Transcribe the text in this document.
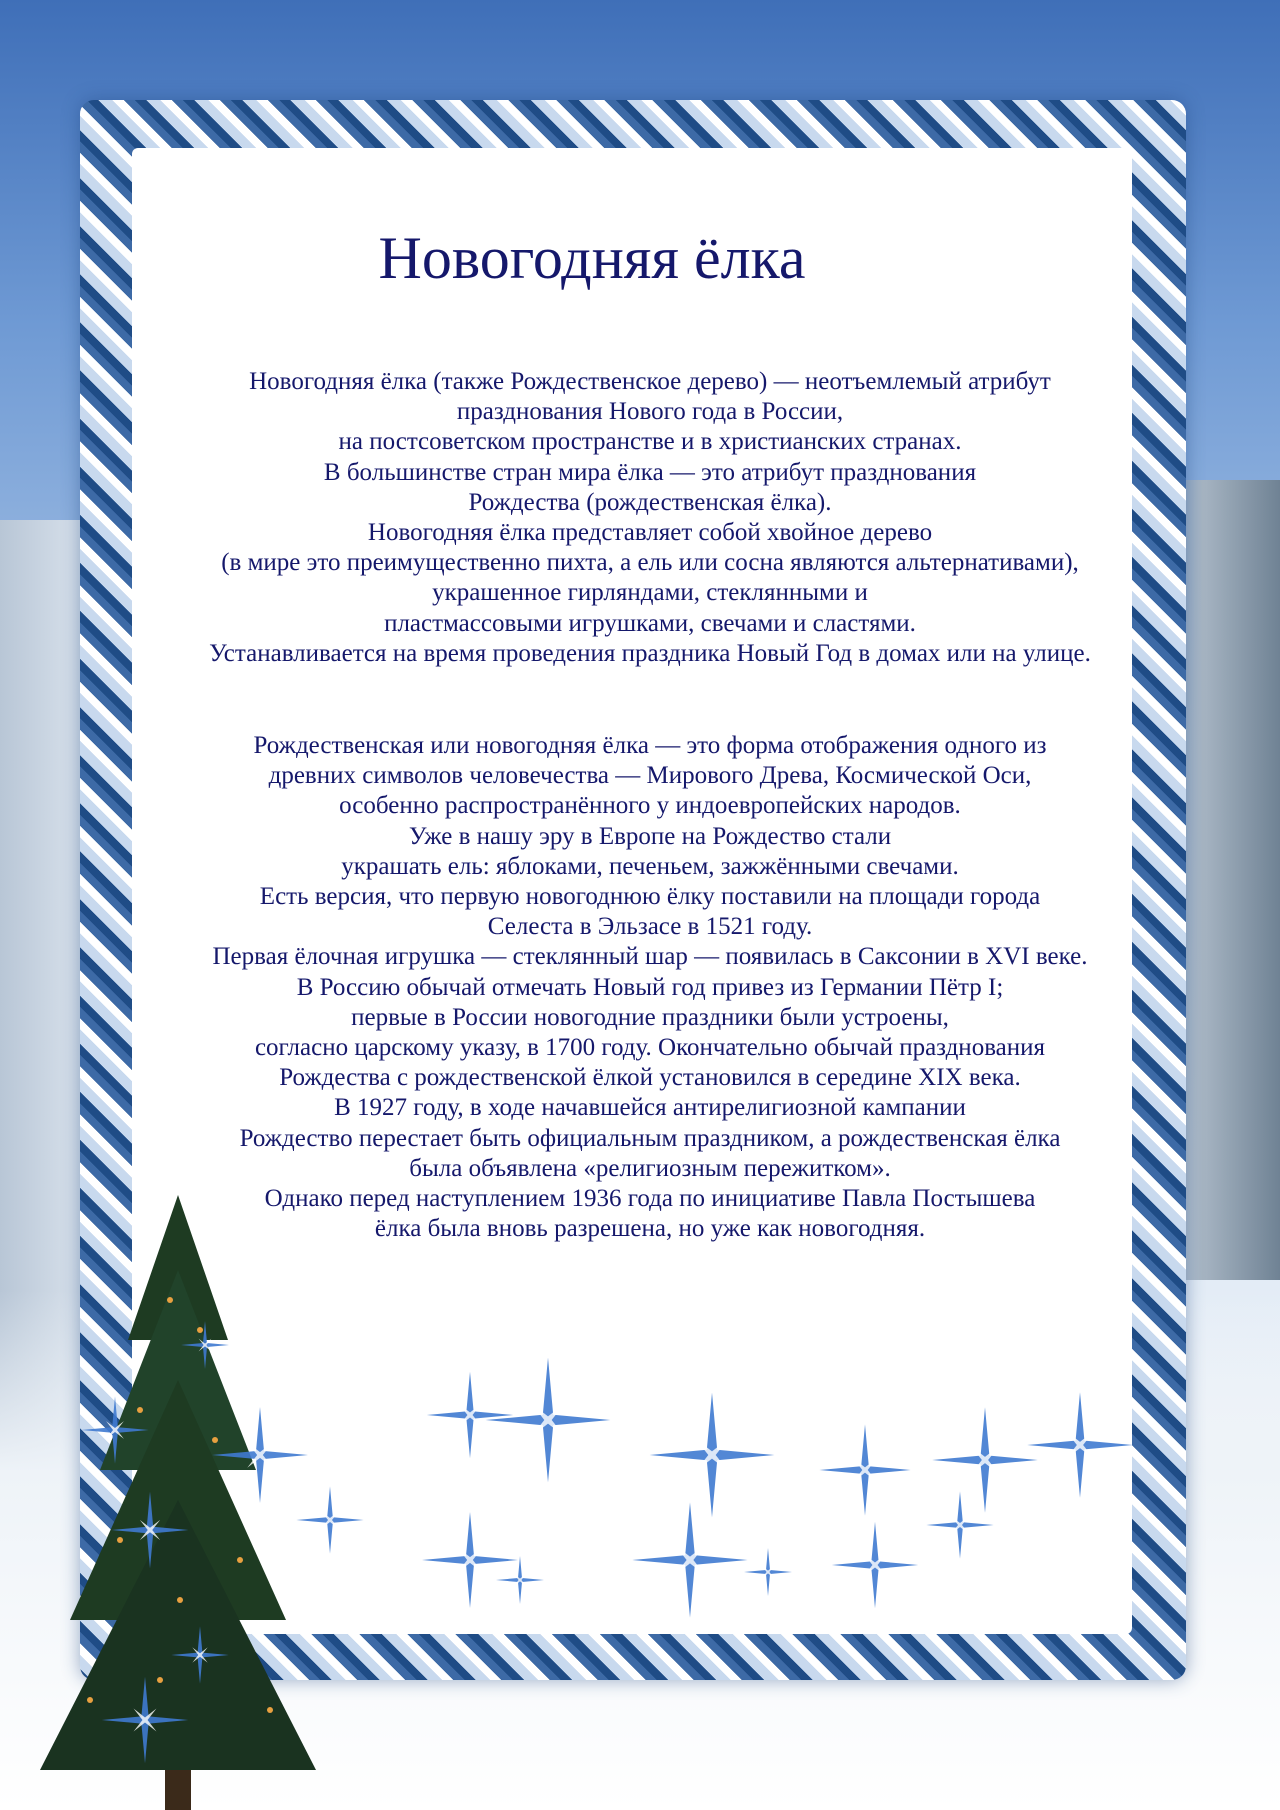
Новогодняя ёлка
Новогодняя ёлка (также Рождественское дерево) — неотъемлемый атрибут
празднования Нового года в России,
на постсоветском пространстве и в христианских странах.
В большинстве стран мира ёлка — это атрибут празднования
Рождества (рождественская ёлка).
Новогодняя ёлка представляет собой хвойное дерево
(в мире это преимущественно пихта, а ель или сосна являются альтернативами),
украшенное гирляндами, стеклянными и
пластмассовыми игрушками, свечами и сластями.
Устанавливается на время проведения праздника Новый Год в домах или на улице.
Рождественская или новогодняя ёлка — это форма отображения одного из
древних символов человечества — Мирового Древа, Космической Оси,
особенно распространённого у индоевропейских народов.
Уже в нашу эру в Европе на Рождество стали
украшать ель: яблоками, печеньем, зажжёнными свечами.
Есть версия, что первую новогоднюю ёлку поставили на площади города
Селеста в Эльзасе в 1521 году.
Первая ёлочная игрушка — стеклянный шар — появилась в Саксонии в XVI веке.
В Россию обычай отмечать Новый год привез из Германии Пётр I;
первые в России новогодние праздники были устроены,
согласно царскому указу, в 1700 году. Окончательно обычай празднования
Рождества с рождественской ёлкой установился в середине XIX века.
В 1927 году, в ходе начавшейся антирелигиозной кампании
Рождество перестает быть официальным праздником, а рождественская ёлка
была объявлена «религиозным пережитком».
Однако перед наступлением 1936 года по инициативе Павла Постышева
ёлка была вновь разрешена, но уже как новогодняя.
